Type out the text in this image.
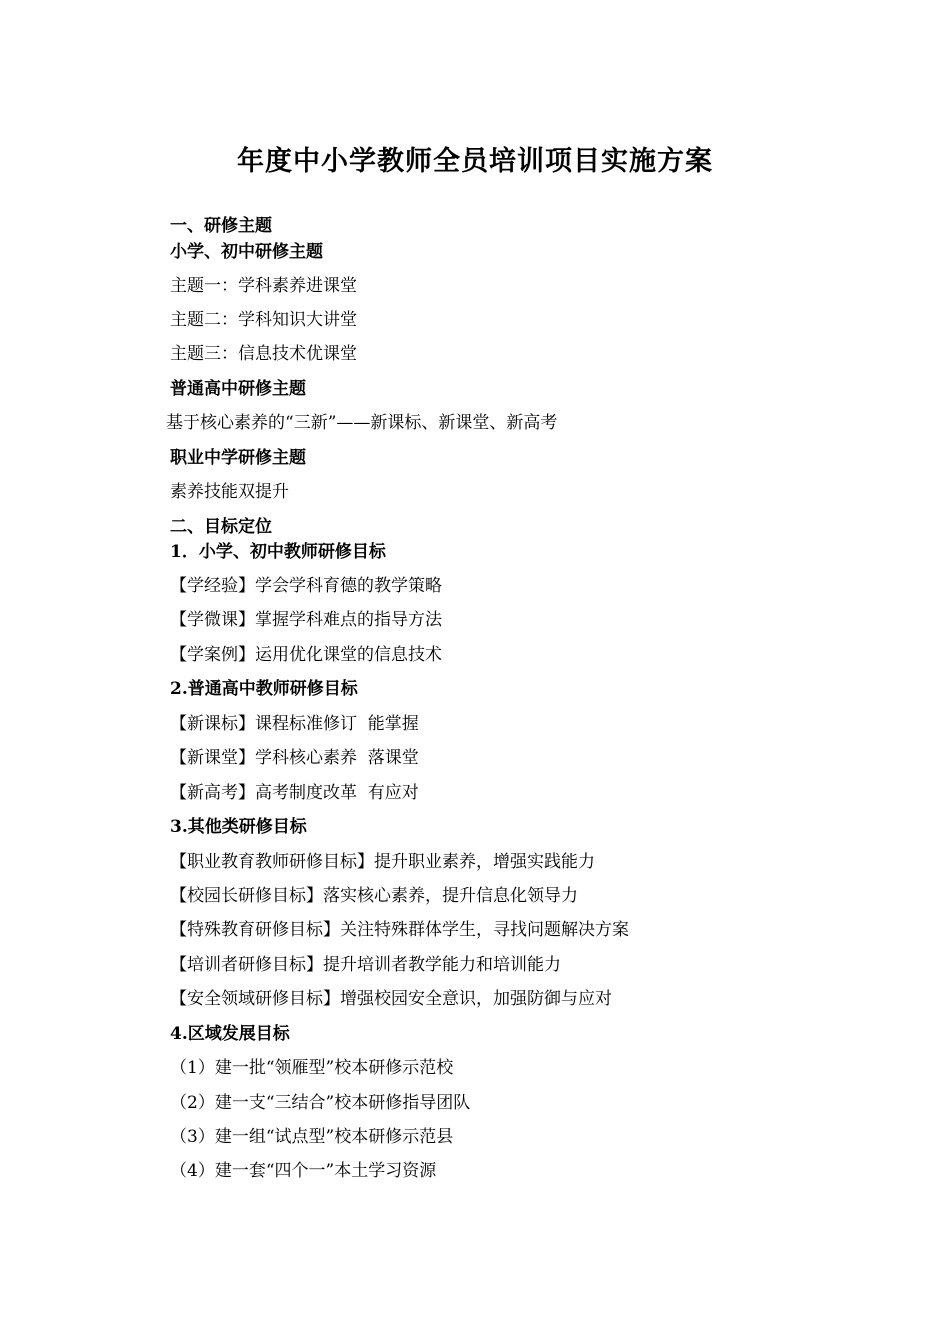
年度中小学教师全员培训项目实施方案
一、研修主题
小学、初中研修主题
主题一：学科素养进课堂
主题二：学科知识大讲堂
主题三：信息技术优课堂
普通高中研修主题
基于核心素养的“三新”——新课标、新课堂、新高考
职业中学研修主题
素养技能双提升
二、目标定位
1．小学、初中教师研修目标
【学经验】学会学科育德的教学策略
【学微课】掌握学科难点的指导方法
【学案例】运用优化课堂的信息技术
2.普通高中教师研修目标
【新课标】课程标准修订  能掌握
【新课堂】学科核心素养  落课堂
【新高考】高考制度改革  有应对
3.其他类研修目标
【职业教育教师研修目标】提升职业素养，增强实践能力
【校园长研修目标】落实核心素养，提升信息化领导力
【特殊教育研修目标】关注特殊群体学生，寻找问题解决方案
【培训者研修目标】提升培训者教学能力和培训能力
【安全领域研修目标】增强校园安全意识，加强防御与应对
4.区域发展目标
（1）建一批“领雁型”校本研修示范校
（2）建一支“三结合”校本研修指导团队
（3）建一组“试点型”校本研修示范县
（4）建一套“四个一”本土学习资源
